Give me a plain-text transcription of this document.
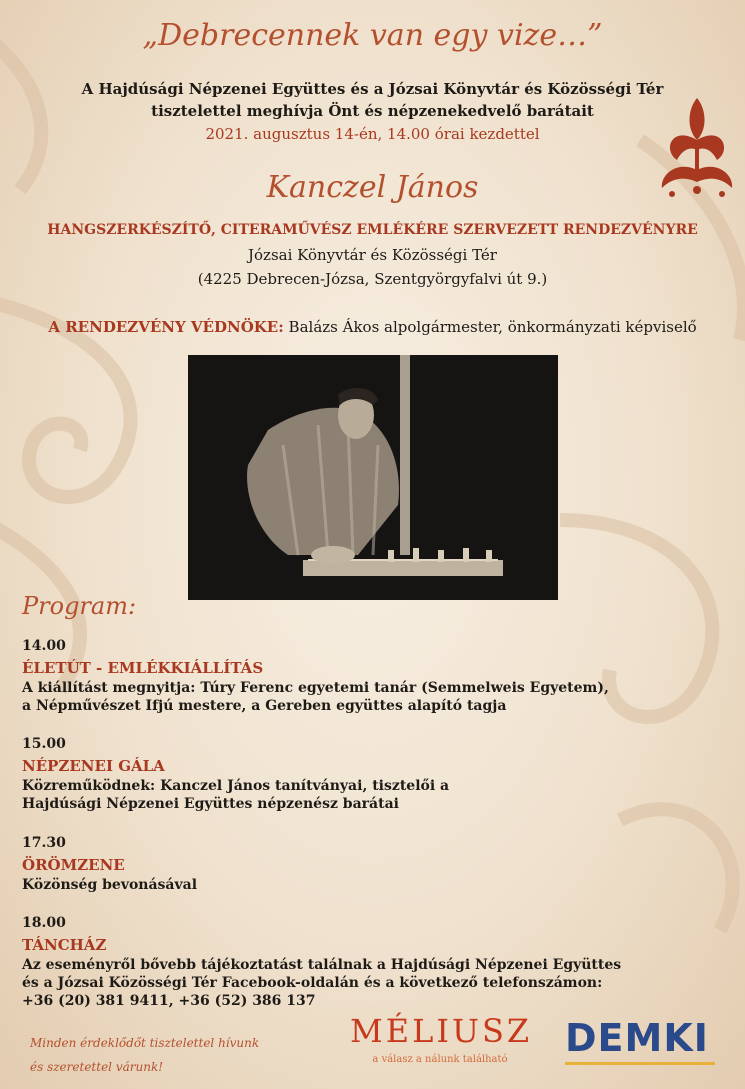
„Debrecennek van egy vize…”
A Hajdúsági Népzenei Együttes és a Józsai Könyvtár és Közösségi Tér
tisztelettel meghívja Önt és népzenekedvelő barátait
2021. augusztus 14-én, 14.00 órai kezdettel
Kanczel János
HANGSZERKÉSZÍTŐ, CITERAMŰVÉSZ EMLÉKÉRE SZERVEZETT RENDEZVÉNYRE
Józsai Könyvtár és Közösségi Tér
(4225 Debrecen-Józsa, Szentgyörgyfalvi út 9.)
A RENDEZVÉNY VÉDNÖKE: Balázs Ákos alpolgármester, önkormányzati képviselő
Program:
14.00
ÉLETÚT - EMLÉKKIÁLLÍTÁS
A kiállítást megnyitja: Túry Ferenc egyetemi tanár (Semmelweis Egyetem),
a Népművészet Ifjú mestere, a Gereben együttes alapító tagja
15.00
NÉPZENEI GÁLA
Közreműködnek: Kanczel János tanítványai, tisztelői a
Hajdúsági Népzenei Együttes népzenész barátai
17.30
ÖRÖMZENE
Közönség bevonásával
18.00
TÁNCHÁZ
Az eseményről bővebb tájékoztatást találnak a Hajdúsági Népzenei Együttes
és a Józsai Közösségi Tér Facebook-oldalán és a következő telefonszámon:
+36 (20) 381 9411, +36 (52) 386 137
Minden érdeklődőt tisztelettel hívunk
és szeretettel várunk!
MÉLIUSZ
a válasz a nálunk található	DEMKI
